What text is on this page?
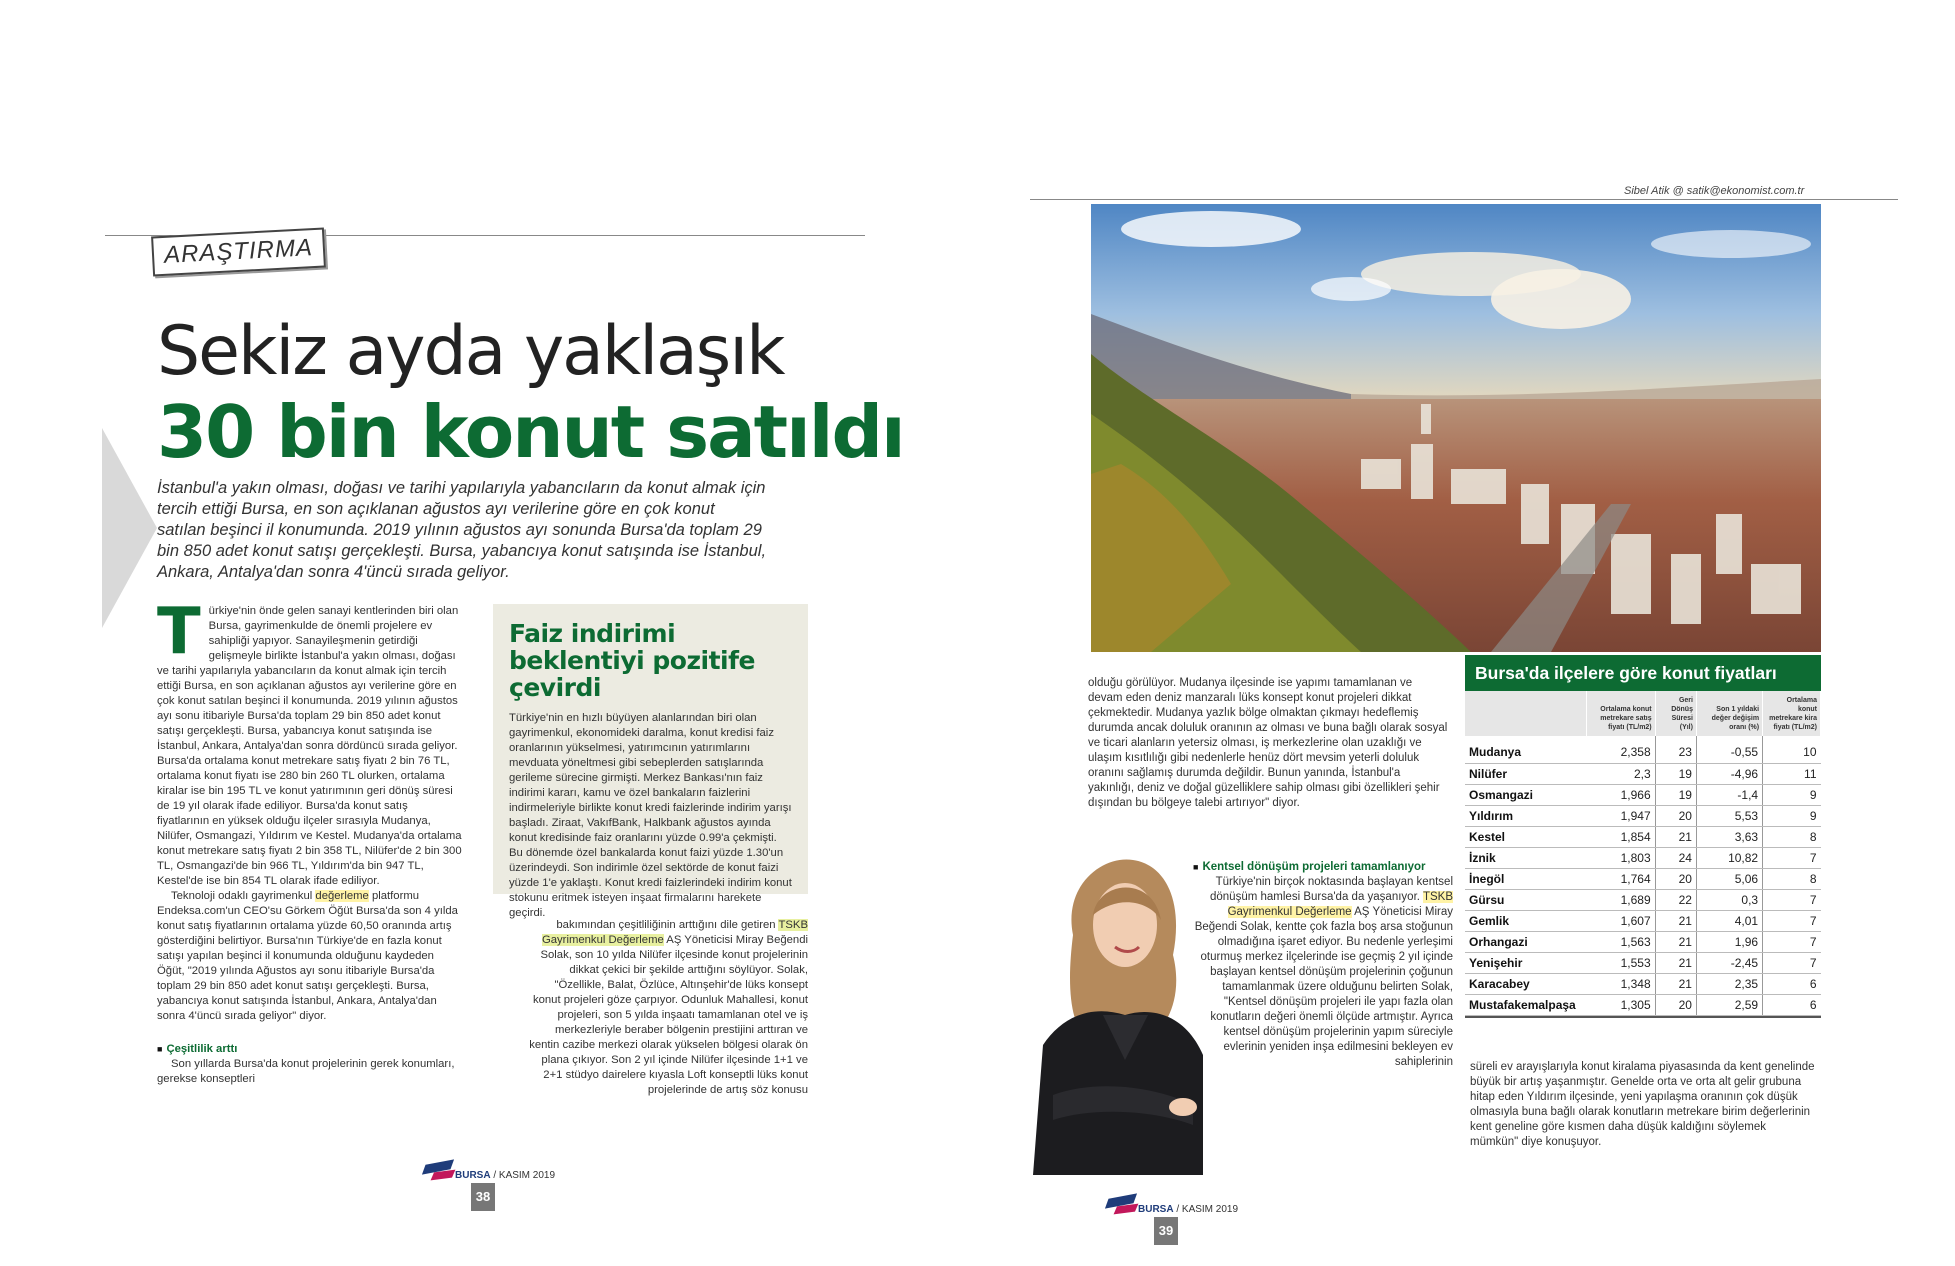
ARAŞTIRMA
Sekiz ayda yaklaşık
30 bin konut satıldı

İstanbul'a yakın olması, doğası ve tarihi yapılarıyla yabancıların da konut almak için tercih ettiği Bursa, en son açıklanan ağustos ayı verilerine göre en çok konut satılan beşinci il konumunda. 2019 yılının ağustos ayı sonunda Bursa'da toplam 29 bin 850 adet konut satışı gerçekleşti. Bursa, yabancıya konut satışında ise İstanbul, Ankara, Antalya'dan sonra 4'üncü sırada geliyor.

T ürkiye'nin önde gelen sanayi kentlerinden biri olan Bursa, gayrimenkulde de önemli projelere ev sahipliği yapıyor. Sanayileşmenin getirdiği gelişmeyle birlikte İstanbul'a yakın olması, doğası ve tarihi yapılarıyla yabancıların da konut almak için tercih ettiği Bursa, en son açıklanan ağustos ayı verilerine göre en çok konut satılan beşinci il konumunda. 2019 yılının ağustos ayı sonu itibariyle Bursa'da toplam 29 bin 850 adet konut satışı gerçekleşti. Bursa, yabancıya konut satışında ise İstanbul, Ankara, Antalya'dan sonra dördüncü sırada geliyor. Bursa'da ortalama konut metrekare satış fiyatı 2 bin 76 TL, ortalama konut fiyatı ise 280 bin 260 TL olurken, ortalama kiralar ise bin 195 TL ve konut yatırımının geri dönüş süresi de 19 yıl olarak ifade ediliyor. Bursa'da konut satış fiyatlarının en yüksek olduğu ilçeler sırasıyla Mudanya, Nilüfer, Osmangazi, Yıldırım ve Kestel. Mudanya'da ortalama konut metrekare satış fiyatı 2 bin 358 TL, Nilüfer'de 2 bin 300 TL, Osmangazi'de bin 966 TL, Yıldırım'da bin 947 TL, Kestel'de ise bin 854 TL olarak ifade ediliyor.

Teknoloji odaklı gayrimenkul değerleme platformu Endeksa.com'un CEO'su Görkem Öğüt Bursa'da son 4 yılda konut satış fiyatlarının ortalama yüzde 60,50 oranında artış gösterdiğini belirtiyor. Bursa'nın Türkiye'de en fazla konut satışı yapılan beşinci il konumunda olduğunu kaydeden Öğüt, "2019 yılında Ağustos ayı sonu itibariyle Bursa'da toplam 29 bin 850 adet konut satışı gerçekleşti. Bursa, yabancıya konut satışında İstanbul, Ankara, Antalya'dan sonra 4'üncü sırada geliyor" diyor.

■ Çeşitlilik arttı

Son yıllarda Bursa'da konut projelerinin gerek konumları, gerekse konseptleri

Faiz indirimi beklentiyi pozitife çevirdi

Türkiye'nin en hızlı büyüyen alanlarından biri olan gayrimenkul, ekonomideki daralma, konut kredisi faiz oranlarının yükselmesi, yatırımcının yatırımlarını mevduata yöneltmesi gibi sebeplerden satışlarında gerileme sürecine girmişti. Merkez Bankası'nın faiz indirimi kararı, kamu ve özel bankaların faizlerini indirmeleriyle birlikte konut kredi faizlerinde indirim yarışı başladı. Ziraat, VakıfBank, Halkbank ağustos ayında konut kredisinde faiz oranlarını yüzde 0.99'a çekmişti. Bu dönemde özel bankalarda konut faizi yüzde 1.30'un üzerindeydi. Son indirimle özel sektörde de konut faizi yüzde 1'e yaklaştı. Konut kredi faizlerindeki indirim konut stokunu eritmek isteyen inşaat firmalarını harekete geçirdi.

bakımından çeşitliliğinin arttığını dile getiren TSKB Gayrimenkul Değerleme AŞ Yöneticisi Miray Beğendi Solak, son 10 yılda Nilüfer ilçesinde konut projelerinin dikkat çekici bir şekilde arttığını söylüyor. Solak, "Özellikle, Balat, Özlüce, Altınşehir'de lüks konsept konut projeleri göze çarpıyor. Odunluk Mahallesi, konut projeleri, son 5 yılda inşaatı tamamlanan otel ve iş merkezleriyle beraber bölgenin prestijini arttıran ve kentin cazibe merkezi olarak yükselen bölgesi olarak ön plana çıkıyor. Son 2 yıl içinde Nilüfer ilçesinde 1+1 ve 2+1 stüdyo dairelere kıyasla Loft konseptli lüks konut projelerinde de artış söz konusu
BURSA / KASIM 2019
38
Sibel Atik @ satik@ekonomist.com.tr
olduğu görülüyor. Mudanya ilçesinde ise yapımı tamamlanan ve devam eden deniz manzaralı lüks konsept konut projeleri dikkat çekmektedir. Mudanya yazlık bölge olmaktan çıkmayı hedeflemiş durumda ancak doluluk oranının az olması ve buna bağlı olarak sosyal ve ticari alanların yetersiz olması, iş merkezlerine olan uzaklığı ve ulaşım kısıtlılığı gibi nedenlerle henüz dört mevsim yeterli doluluk oranını sağlamış durumda değildir. Bunun yanında, İstanbul'a yakınlığı, deniz ve doğal güzelliklere sahip olması gibi özellikleri şehir dışından bu bölgeye talebi artırıyor" diyor.

■ Kentsel dönüşüm projeleri tamamlanıyor

Türkiye'nin birçok noktasında başlayan kentsel dönüşüm hamlesi Bursa'da da yaşanıyor. TSKB Gayrimenkul Değerleme AŞ Yöneticisi Miray Beğendi Solak, kentte çok fazla boş arsa stoğunun olmadığına işaret ediyor. Bu nedenle yerleşimi oturmuş merkez ilçelerinde ise geçmiş 2 yıl içinde başlayan kentsel dönüşüm projelerinin çoğunun tamamlanmak üzere olduğunu belirten Solak, "Kentsel dönüşüm projeleri ile yapı fazla olan konutların değeri önemli ölçüde artmıştır. Ayrıca kentsel dönüşüm projelerinin yapım süreciyle evlerinin yeniden inşa edilmesini bekleyen ev sahiplerinin

Bursa'da ilçelere göre konut fiyatları
	Ortalama konut metrekare satış fiyatı (TL/m2)	Geri Dönüş Süresi (Yıl)	Son 1 yıldaki değer değişim oranı (%)	Ortalama konut metrekare kira fiyatı (TL/m2)

Mudanya	2,358	23	-0,55	10
Nilüfer	2,3	19	-4,96	11
Osmangazi	1,966	19	-1,4	9
Yıldırım	1,947	20	5,53	9
Kestel	1,854	21	3,63	8
İznik	1,803	24	10,82	7
İnegöl	1,764	20	5,06	8
Gürsu	1,689	22	0,3	7
Gemlik	1,607	21	4,01	7
Orhangazi	1,563	21	1,96	7
Yenişehir	1,553	21	-2,45	7
Karacabey	1,348	21	2,35	6
Mustafakemalpaşa	1,305	20	2,59	6
süreli ev arayışlarıyla konut kiralama piyasasında da kent genelinde büyük bir artış yaşanmıştır. Genelde orta ve orta alt gelir grubuna hitap eden Yıldırım ilçesinde, yeni yapılaşma oranının çok düşük olmasıyla buna bağlı olarak konutların metrekare birim değerlerinin kent geneline göre kısmen daha düşük kaldığını söylemek mümkün" diye konuşuyor.
BURSA / KASIM 2019
39
